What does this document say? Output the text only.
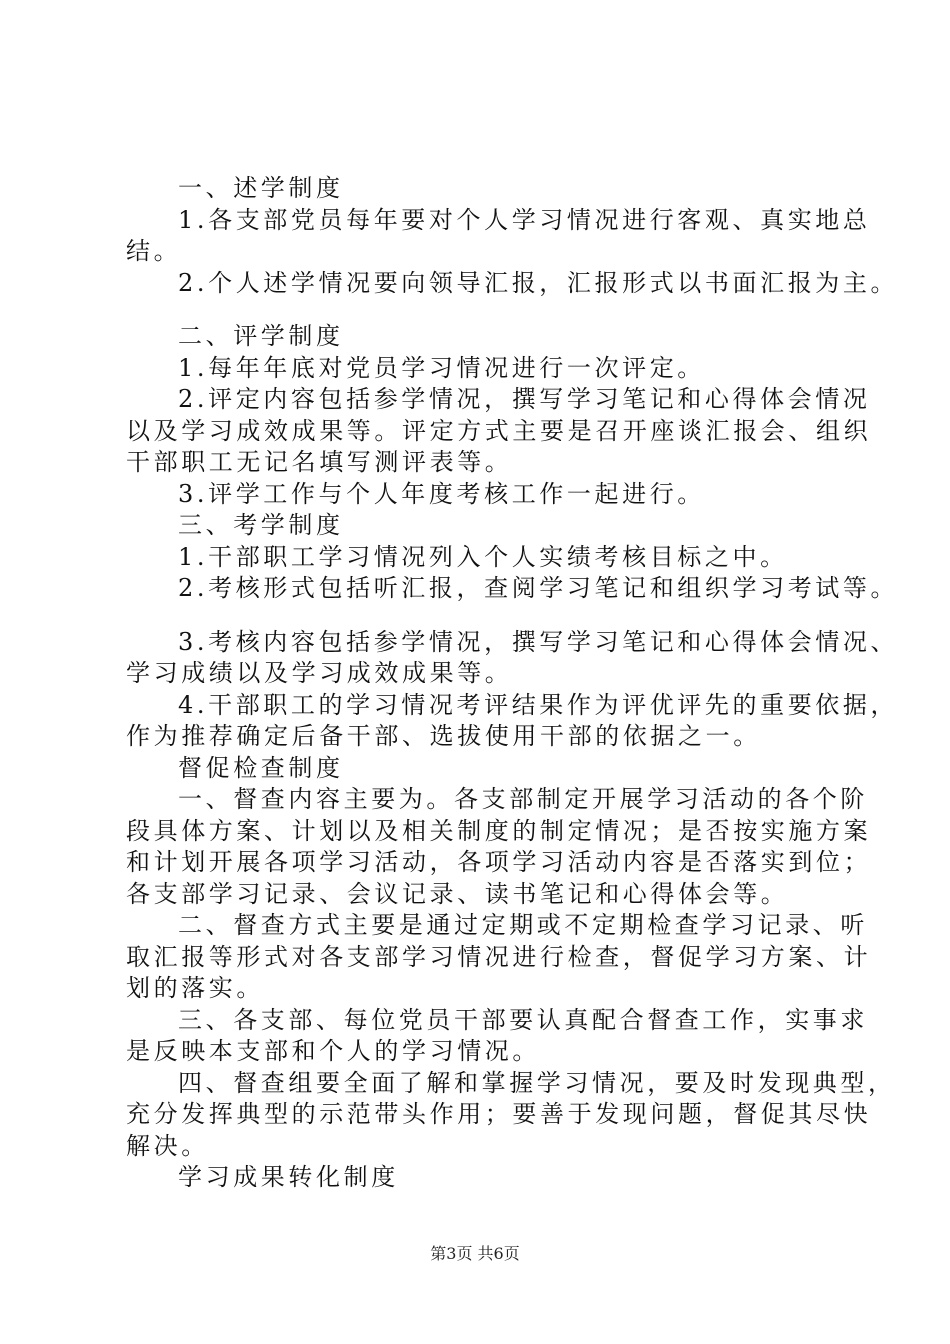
一、述学制度
1.各支部党员每年要对个人学习情况进行客观、真实地总
结。
2.个人述学情况要向领导汇报，汇报形式以书面汇报为主。
二、评学制度
1.每年年底对党员学习情况进行一次评定。
2.评定内容包括参学情况，撰写学习笔记和心得体会情况
以及学习成效成果等。评定方式主要是召开座谈汇报会、组织
干部职工无记名填写测评表等。
3.评学工作与个人年度考核工作一起进行。
三、考学制度
1.干部职工学习情况列入个人实绩考核目标之中。
2.考核形式包括听汇报，查阅学习笔记和组织学习考试等。
3.考核内容包括参学情况，撰写学习笔记和心得体会情况、
学习成绩以及学习成效成果等。
4.干部职工的学习情况考评结果作为评优评先的重要依据，
作为推荐确定后备干部、选拔使用干部的依据之一。
督促检查制度
一、督查内容主要为。各支部制定开展学习活动的各个阶
段具体方案、计划以及相关制度的制定情况；是否按实施方案
和计划开展各项学习活动，各项学习活动内容是否落实到位；
各支部学习记录、会议记录、读书笔记和心得体会等。
二、督查方式主要是通过定期或不定期检查学习记录、听
取汇报等形式对各支部学习情况进行检查，督促学习方案、计
划的落实。
三、各支部、每位党员干部要认真配合督查工作，实事求
是反映本支部和个人的学习情况。
四、督查组要全面了解和掌握学习情况，要及时发现典型，
充分发挥典型的示范带头作用；要善于发现问题，督促其尽快
解决。
学习成果转化制度
第3页 共6页
